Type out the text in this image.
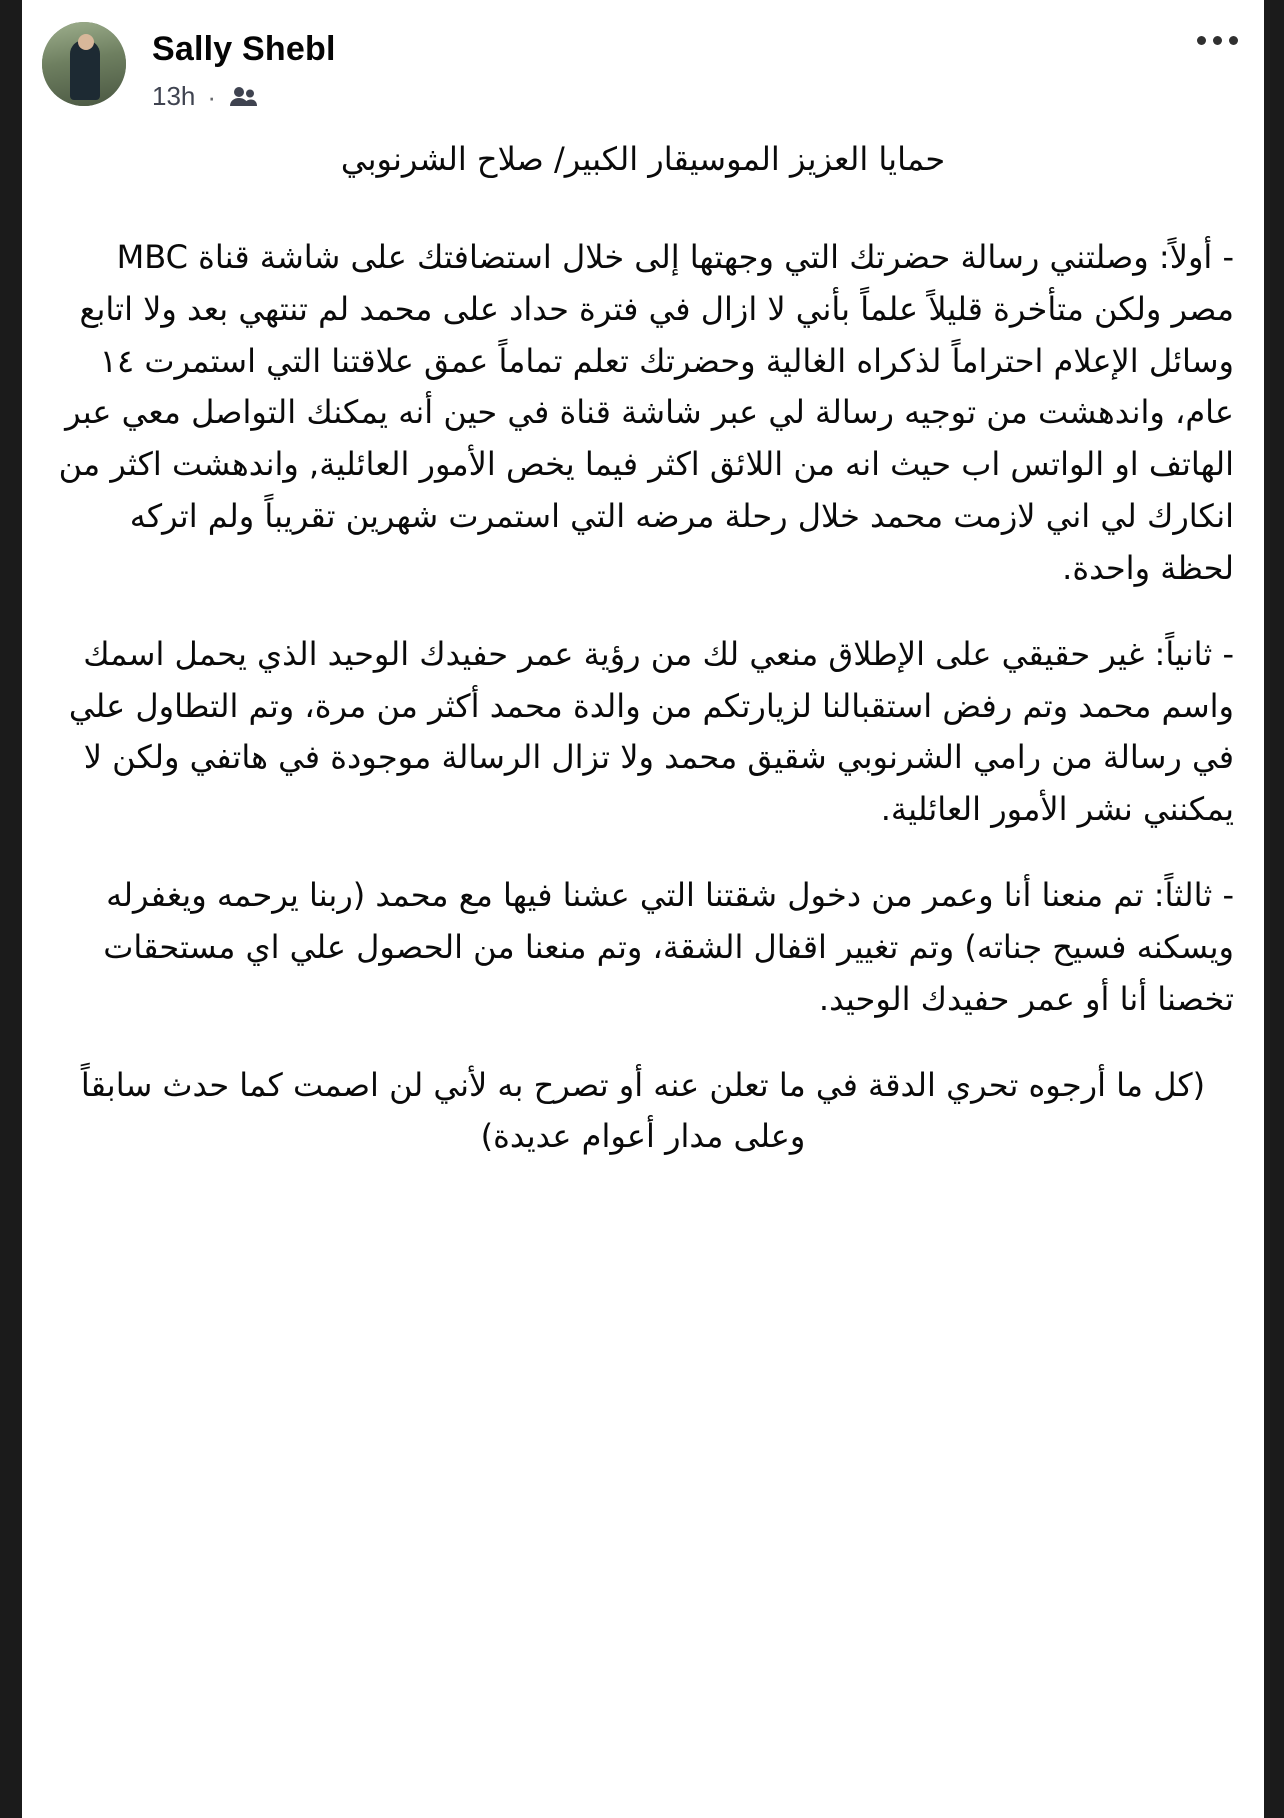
Sally Shebl
13h ·

حمايا العزيز الموسيقار الكبير/ صلاح الشرنوبي

- أولاً: وصلتني رسالة حضرتك التي وجهتها إلى خلال استضافتك على شاشة قناة MBC مصر ولكن متأخرة قليلاً علماً بأني لا ازال في فترة حداد على محمد لم تنتهي بعد ولا اتابع وسائل الإعلام احتراماً لذكراه الغالية وحضرتك تعلم تماماً عمق علاقتنا التي استمرت ١٤ عام، واندهشت من توجيه رسالة لي عبر شاشة قناة في حين أنه يمكنك التواصل معي عبر الهاتف او الواتس اب حيث انه من اللائق اكثر فيما يخص الأمور العائلية, واندهشت اكثر من انكارك لي اني لازمت محمد خلال رحلة مرضه التي استمرت شهرين تقريباً ولم اتركه لحظة واحدة.

- ثانياً: غير حقيقي على الإطلاق منعي لك من رؤية عمر حفيدك الوحيد الذي يحمل اسمك واسم محمد وتم رفض استقبالنا لزيارتكم من والدة محمد أكثر من مرة، وتم التطاول علي في رسالة من رامي الشرنوبي شقيق محمد ولا تزال الرسالة موجودة في هاتفي ولكن لا يمكنني نشر الأمور العائلية.

- ثالثاً: تم منعنا أنا وعمر من دخول شقتنا التي عشنا فيها مع محمد (ربنا يرحمه ويغفرله ويسكنه فسيح جناته) وتم تغيير اقفال الشقة، وتم منعنا من الحصول علي اي مستحقات تخصنا أنا أو عمر حفيدك الوحيد.

(كل ما أرجوه تحري الدقة في ما تعلن عنه أو تصرح به لأني لن اصمت كما حدث سابقاً وعلى مدار أعوام عديدة)
